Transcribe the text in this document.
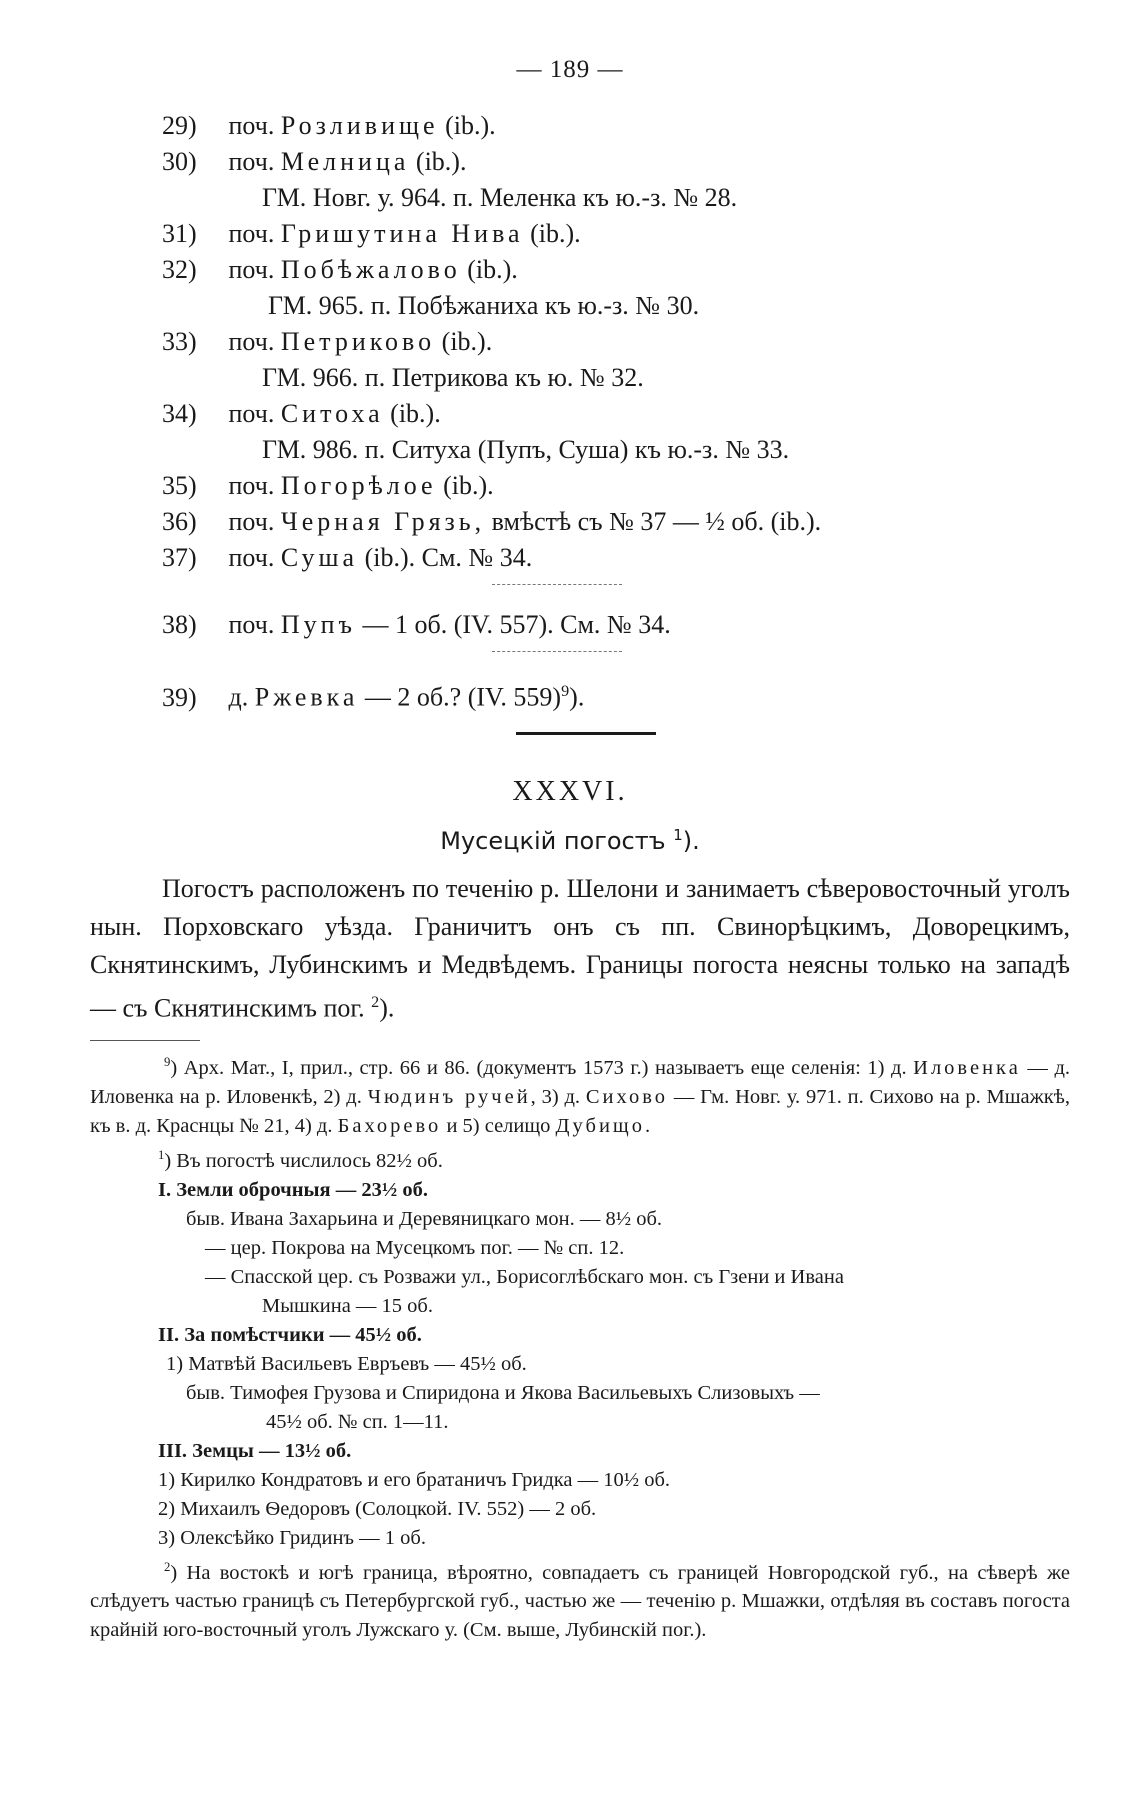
— 189 —
29) поч. Розливище (ib.).
30) поч. Мелница (ib.).
ГМ. Новг. у. 964. п. Меленка къ ю.-з. № 28.
31) поч. Гришутина Нива (ib.).
32) поч. Побѣжалово (ib.).
ГМ. 965. п. Побѣжаниха къ ю.-з. № 30.
33) поч. Петриково (ib.).
ГМ. 966. п. Петрикова къ ю. № 32.
34) поч. Ситоха (ib.).
ГМ. 986. п. Ситуха (Пупъ, Суша) къ ю.-з. № 33.
35) поч. Погорѣлое (ib.).
36) поч. Черная Грязь, вмѣстѣ съ № 37 — ½ об. (ib.).
37) поч. Суша (ib.). См. № 34.
38) поч. Пупъ — 1 об. (IV. 557). См. № 34.
39) д. Ржевка — 2 об.? (IV. 559)$^9$).
XXXVI.
Мусецкій погостъ $^1$).

Погостъ расположенъ по теченію р. Шелони и занимаетъ сѣверовосточный уголъ нын. Порховскаго уѣзда. Граничитъ онъ съ пп. Свинорѣцкимъ, Доворецкимъ, Скнятинскимъ, Лубинскимъ и Медвѣдемъ. Границы погоста неясны только на западѣ — съ Скнятинскимъ пог. $^2$).

$^9$) Арх. Мат., I, прил., стр. 66 и 86. (документъ 1573 г.) называетъ еще селенія: 1) д. Иловенка — д. Иловенка на р. Иловенкѣ, 2) д. Чюдинъ ручей, 3) д. Сихово — Гм. Новг. у. 971. п. Сихово на р. Мшажкѣ, къ в. д. Краснцы № 21, 4) д. Бахорево и 5) селищо Дубищо.
$^1$) Въ погостѣ числилось 82½ об.
I. Земли оброчныя — 23½ об.
быв. Ивана Захарьина и Деревяницкаго мон. — 8½ об.
— цер. Покрова на Мусецкомъ пог. — № сп. 12.
— Спасской цер. съ Розважи ул., Борисоглѣбскаго мон. съ Гзени и Ивана
Мышкина — 15 об.
II. За помѣстчики — 45½ об.
1) Матвѣй Васильевъ Евръевъ — 45½ об.
быв. Тимофея Грузова и Спиридона и Якова Васильевыхъ Слизовыхъ —
45½ об. № сп. 1—11.
III. Земцы — 13½ об.
1) Кирилко Кондратовъ и его братаничъ Гридка — 10½ об.
2) Михаилъ Ѳедоровъ (Солоцкой. IV. 552) — 2 об.
3) Олексѣйко Гридинъ — 1 об.
$^2$) На востокѣ и югѣ граница, вѣроятно, совпадаетъ съ границей Новгородской губ., на сѣверѣ же слѣдуетъ частью границѣ съ Петербургской губ., частью же — теченію р. Мшажки, отдѣляя въ составъ погоста крайній юго-восточный уголъ Лужскаго у. (См. выше, Лубинскій пог.).
